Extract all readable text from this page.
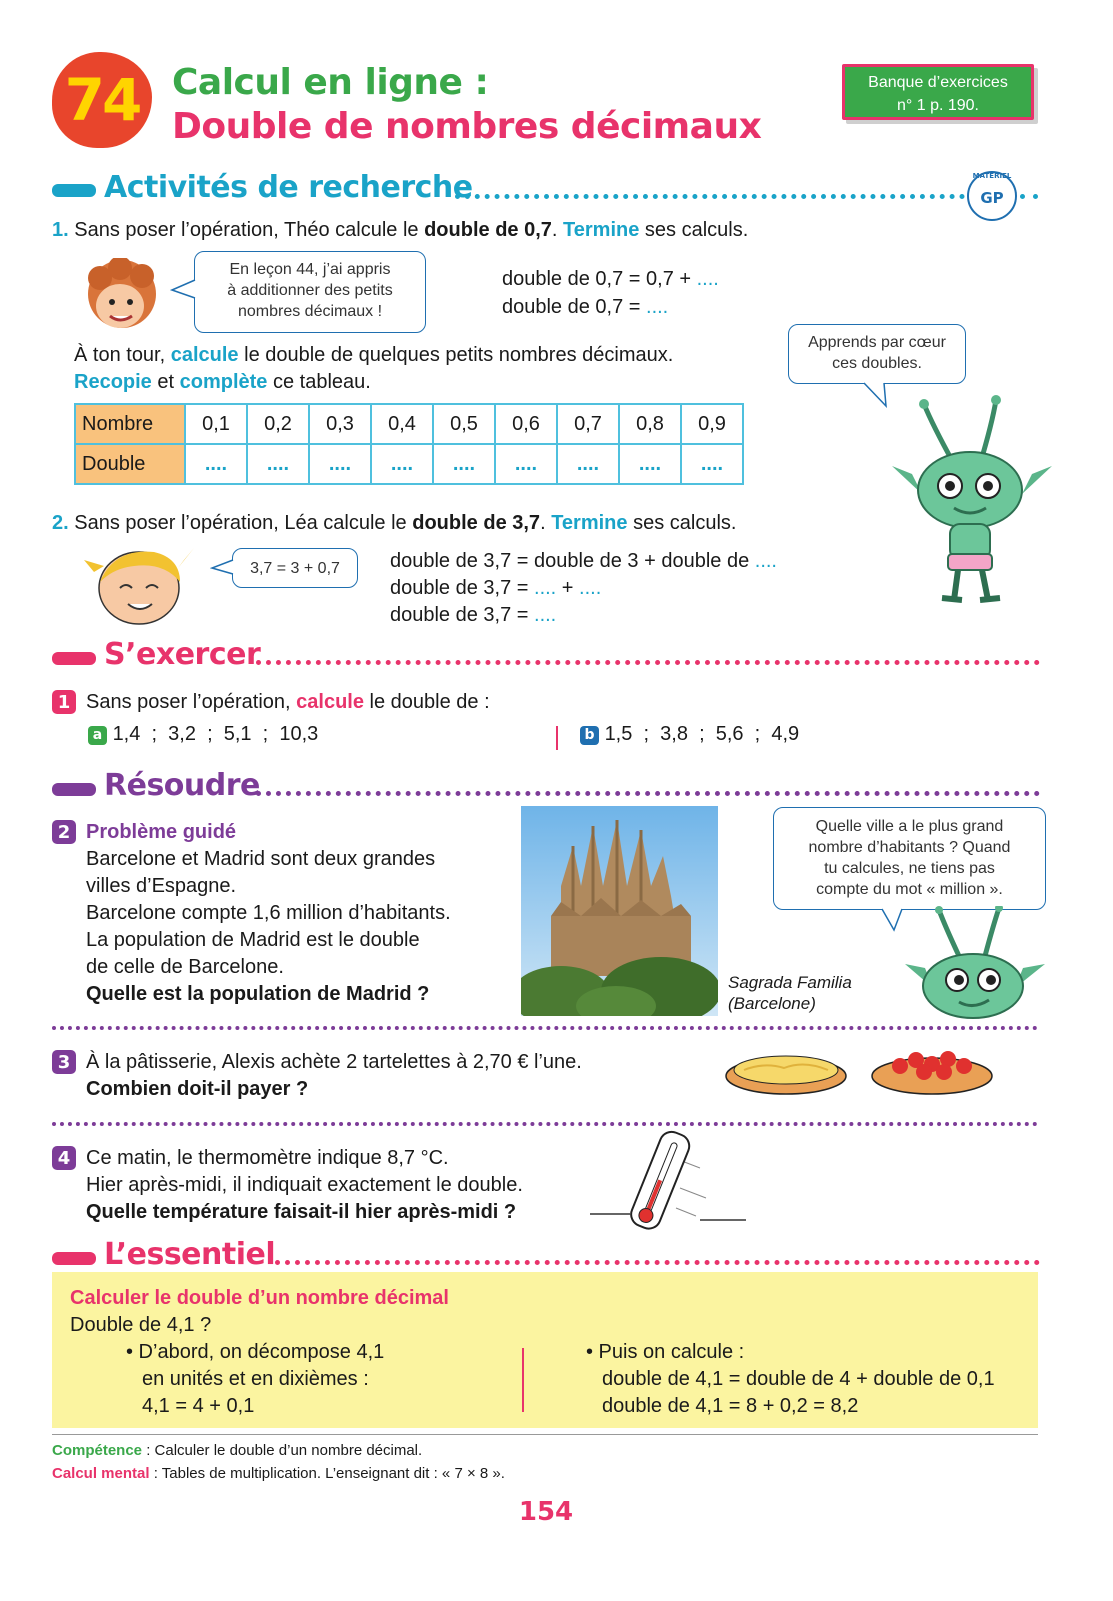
74 Calcul en ligne :
Double de nombres décimaux
Banque d’exercices
n° 1 p. 190.
Activités de recherche	GP
MATÉRIEL
1. Sans poser l’opération, Théo calcule le double de 0,7. Termine ses calculs.
En leçon 44, j’ai appris
à additionner des petits
nombres décimaux !
double de 0,7 = 0,7 + ....
double de 0,7 = ....
À ton tour, calcule le double de quelques petits nombres décimaux.
Recopie et complète ce tableau.
Nombre	0,1	0,2	0,3	0,4	0,5	0,6	0,7	0,8	0,9
Double	....	....	....	....	....	....	....	....	....
Apprends par cœur
ces doubles.
2. Sans poser l’opération, Léa calcule le double de 3,7. Termine ses calculs.
3,7 = 3 + 0,7	double de 3,7 = double de 3 + double de ....
double de 3,7 = .... + ....
double de 3,7 = ....
S’exercer
1 Sans poser l’opération, calcule le double de :
a 1,4  ;  3,2  ;  5,1  ;  10,3	b 1,5  ;  3,8  ;  5,6  ;  4,9
Résoudre
2 Problème guidé
Barcelone et Madrid sont deux grandes
villes d’Espagne.
Barcelone compte 1,6 million d’habitants.
La population de Madrid est le double
de celle de Barcelone.
Quelle est la population de Madrid ?
Sagrada Familia
(Barcelone)
Quelle ville a le plus grand
nombre d’habitants ? Quand
tu calcules, ne tiens pas
compte du mot « million ».
3 À la pâtisserie, Alexis achète 2 tartelettes à 2,70 € l’une.
Combien doit-il payer ?
4 Ce matin, le thermomètre indique 8,7 °C.
Hier après-midi, il indiquait exactement le double.
Quelle température faisait-il hier après-midi ?
L’essentiel
Calculer le double d’un nombre décimal
Double de 4,1 ?
• D’abord, on décompose 4,1
en unités et en dixièmes :
4,1 = 4 + 0,1
• Puis on calcule :
double de 4,1 = double de 4 + double de 0,1
double de 4,1 = 8 + 0,2 = 8,2
Compétence : Calculer le double d’un nombre décimal.
Calcul mental : Tables de multiplication. L’enseignant dit : « 7 × 8 ».
154
